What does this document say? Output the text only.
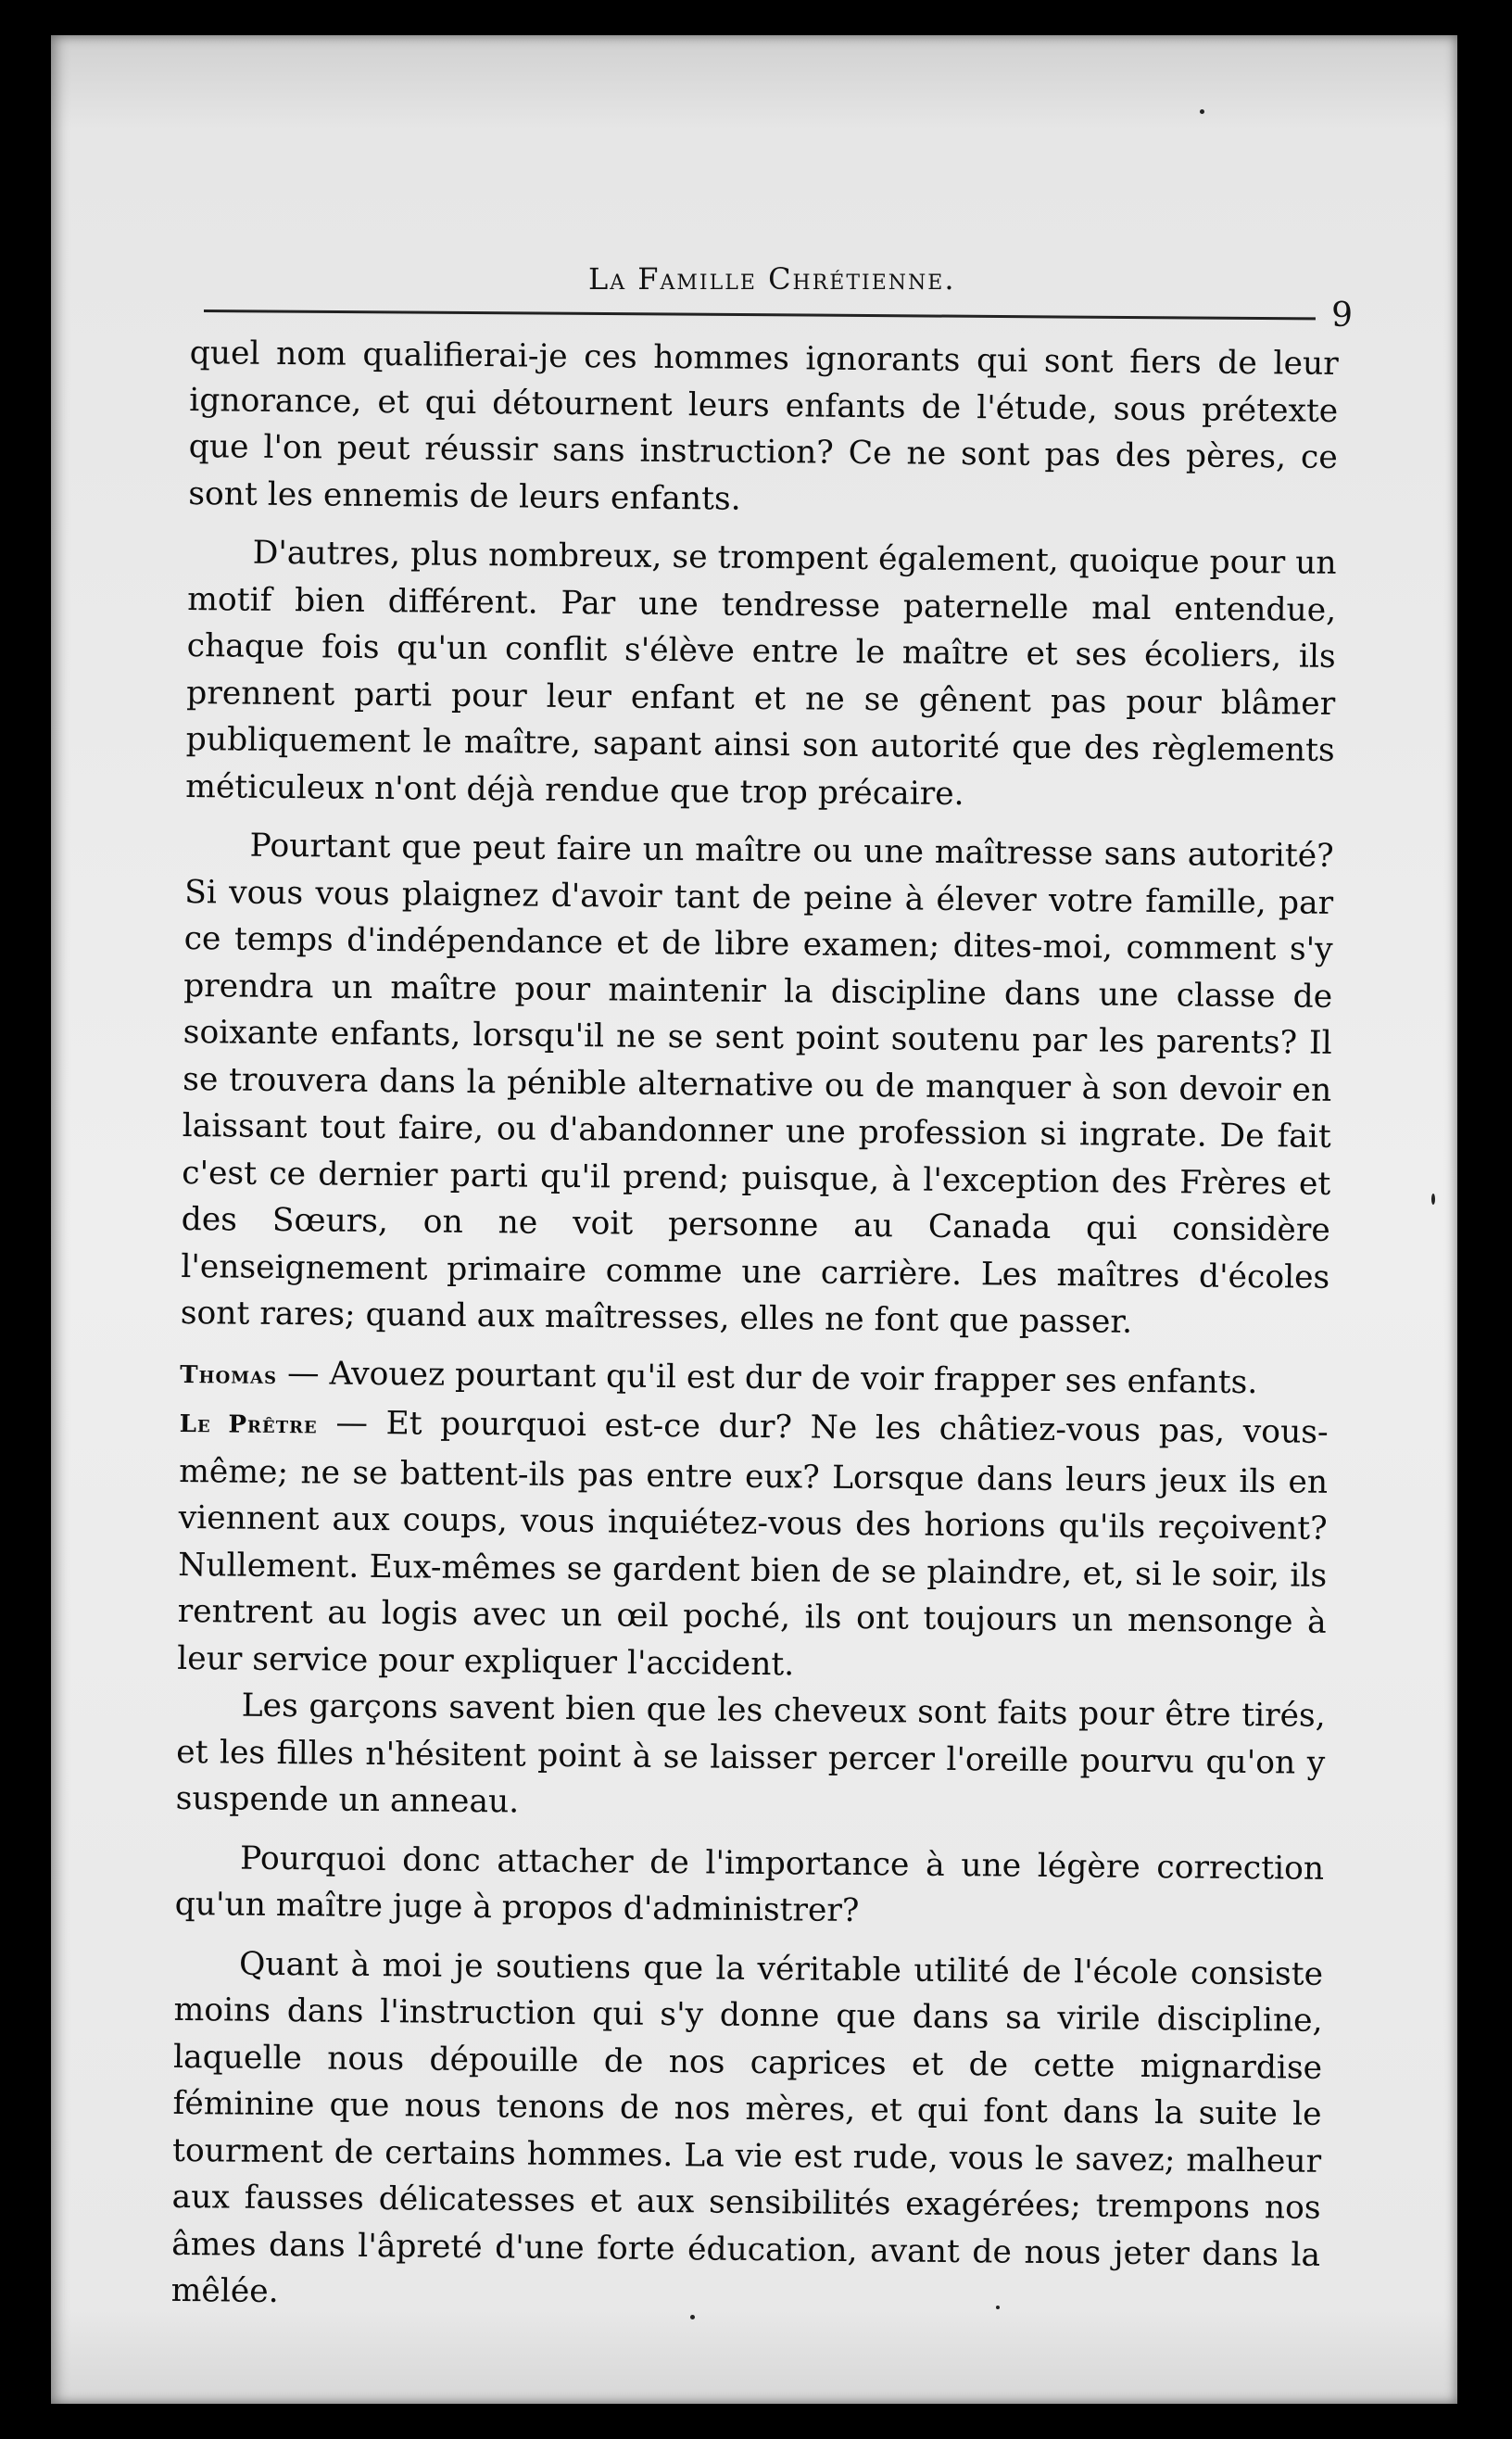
La Famille Chrétienne.
9

quel nom qualifierai-je ces hommes ignorants qui sont fiers de leur ignorance, et qui détournent leurs enfants de l'étude, sous prétexte que l'on peut réussir sans instruction? Ce ne sont pas des pères, ce sont les ennemis de leurs enfants.

D'autres, plus nombreux, se trompent également, quoique pour un motif bien différent. Par une tendresse paternelle mal entendue, chaque fois qu'un conflit s'élève entre le maître et ses écoliers, ils prennent parti pour leur enfant et ne se gênent pas pour blâmer publiquement le maître, sapant ainsi son autorité que des règlements méticuleux n'ont déjà rendue que trop précaire.

Pourtant que peut faire un maître ou une maîtresse sans autorité? Si vous vous plaignez d'avoir tant de peine à élever votre famille, par ce temps d'indépendance et de libre examen; dites-moi, comment s'y prendra un maître pour maintenir la discipline dans une classe de soixante enfants, lorsqu'il ne se sent point soutenu par les parents? Il se trouvera dans la pénible alternative ou de manquer à son devoir en laissant tout faire, ou d'abandonner une profession si ingrate. De fait c'est ce dernier parti qu'il prend; puisque, à l'exception des Frères et des Sœurs, on ne voit personne au Canada qui considère l'enseignement primaire comme une carrière. Les maîtres d'écoles sont rares; quand aux maîtresses, elles ne font que passer.

Thomas — Avouez pourtant qu'il est dur de voir frapper ses enfants.

Le Prêtre — Et pourquoi est-ce dur? Ne les châtiez-vous pas, vous-même; ne se battent-ils pas entre eux? Lorsque dans leurs jeux ils en viennent aux coups, vous inquiétez-vous des horions qu'ils reçoivent? Nullement. Eux-mêmes se gardent bien de se plaindre, et, si le soir, ils rentrent au logis avec un œil poché, ils ont toujours un mensonge à leur service pour expliquer l'accident.

Les garçons savent bien que les cheveux sont faits pour être tirés, et les filles n'hésitent point à se laisser percer l'oreille pourvu qu'on y suspende un anneau.

Pourquoi donc attacher de l'importance à une légère correction qu'un maître juge à propos d'administrer?

Quant à moi je soutiens que la véritable utilité de l'école consiste moins dans l'instruction qui s'y donne que dans sa virile discipline, laquelle nous dépouille de nos caprices et de cette mignardise féminine que nous tenons de nos mères, et qui font dans la suite le tourment de certains hommes. La vie est rude, vous le savez; malheur aux fausses délicatesses et aux sensibilités exagérées; trempons nos âmes dans l'âpreté d'une forte éducation, avant de nous jeter dans la mêlée.
